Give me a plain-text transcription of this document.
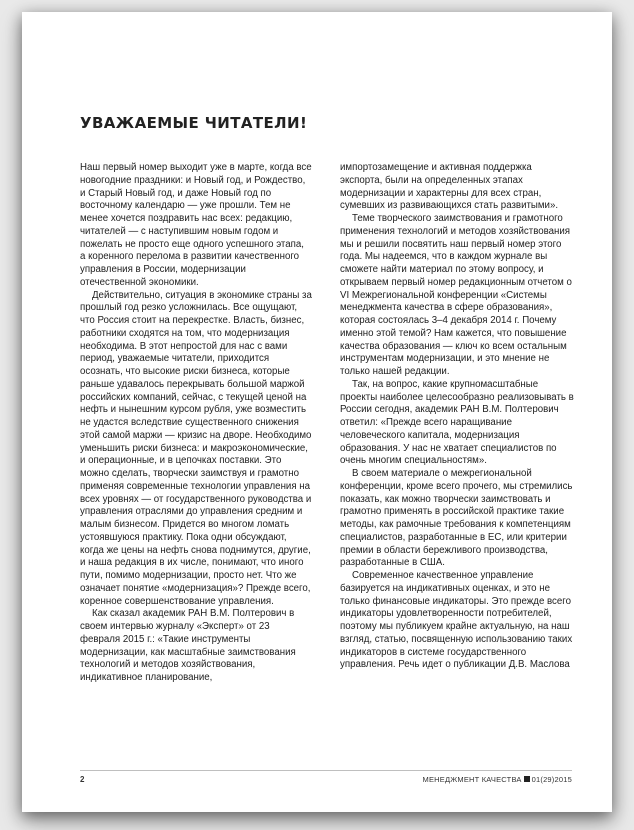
УВАЖАЕМЫЕ ЧИТАТЕЛИ!

Наш первый номер выходит уже в марте, когда все новогодние праздники: и Новый год, и Рождество, и Старый Новый год, и даже Новый год по восточному календарю — уже прошли. Тем не менее хочется поздравить нас всех: редакцию, читателей — с наступившим новым годом и пожелать не просто еще одного успешного этапа, а коренного перелома в развитии качественного управления в России, модернизации отечественной экономики.

Действительно, ситуация в экономике страны за прошлый год резко усложнилась. Все ощущают, что Россия стоит на перекрестке. Власть, бизнес, работники сходятся на том, что модернизация необходима. В этот непростой для нас с вами период, уважаемые читатели, приходится осознать, что высокие риски бизнеса, которые раньше удавалось перекрывать большой маржой российских компаний, сейчас, с текущей ценой на нефть и нынешним курсом рубля, уже возместить не удастся вследствие существенного снижения этой самой маржи — кризис на дворе. Необходимо уменьшить риски бизнеса: и макроэкономические, и операционные, и в цепочках поставки. Это можно сделать, творчески заимствуя и грамотно применяя современные технологии управления на всех уровнях — от государственного руководства и управления отраслями до управления средним и малым бизнесом. Придется во многом ломать устоявшуюся практику. Пока одни обсуждают, когда же цены на нефть снова поднимутся, другие, и наша редакция в их числе, понимают, что иного пути, помимо модернизации, просто нет. Что же означает понятие «модернизация»? Прежде всего, коренное совершенствование управления.

Как сказал академик РАН В.М. Полтерович в своем интервью журналу «Эксперт» от 23 февраля 2015 г.: «Такие инструменты модернизации, как масштабные заимствования технологий и методов хозяйствования, индикативное планирование,

импортозамещение и активная поддержка экспорта, были на определенных этапах модернизации и характерны для всех стран, сумевших из развивающихся стать развитыми».

Теме творческого заимствования и грамотного применения технологий и методов хозяйствования мы и решили посвятить наш первый номер этого года. Мы надеемся, что в каждом журнале вы сможете найти материал по этому вопросу, и открываем первый номер редакционным отчетом о VI Межрегиональной конференции «Системы менеджмента качества в сфере образования», которая состоялась 3–4 декабря 2014 г. Почему именно этой темой? Нам кажется, что повышение качества образования — ключ ко всем остальным инструментам модернизации, и это мнение не только нашей редакции.

Так, на вопрос, какие крупномасштабные проекты наиболее целесообразно реализовывать в России сегодня, академик РАН В.М. Полтерович ответил: «Прежде всего наращивание человеческого капитала, модернизация образования. У нас не хватает специалистов по очень многим специальностям».

В своем материале о межрегиональной конференции, кроме всего прочего, мы стремились показать, как можно творчески заимствовать и грамотно применять в российской практике такие методы, как рамочные требования к компетенциям специалистов, разработанные в ЕС, или критерии премии в области бережливого производства, разработанные в США.

Современное качественное управление базируется на индикативных оценках, и это не только финансовые индикаторы. Это прежде всего индикаторы удовлетворенности потребителей, поэтому мы публикуем крайне актуальную, на наш взгляд, статью, посвященную использованию таких индикаторов в системе государственного управления. Речь идет о публикации Д.В. Маслова

2	МЕНЕДЖМЕНТ КАЧЕСТВА 01(29)2015
